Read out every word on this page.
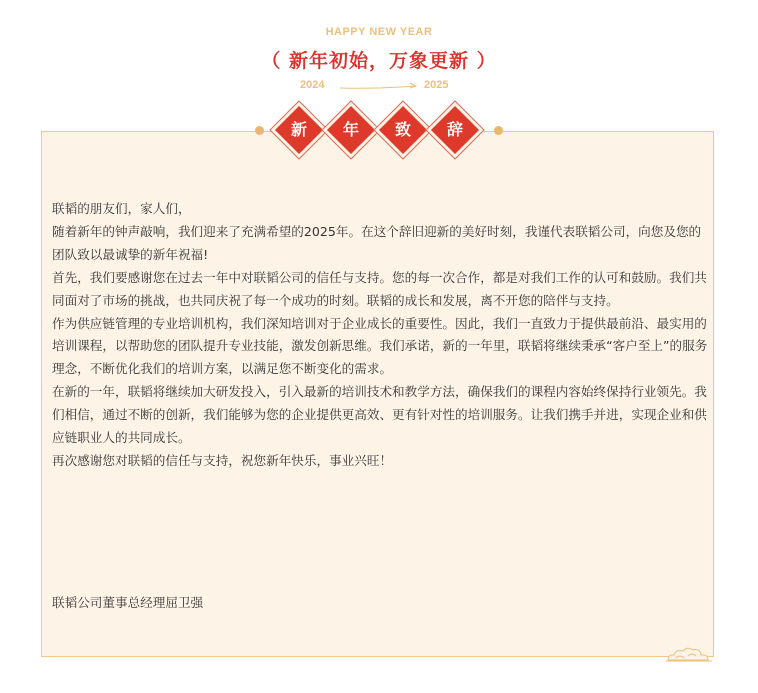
HAPPY NEW YEAR
（ 新年初始，万象更新 ）
2024	2025
新	年	致	辞

联韬的朋友们，家人们，

随着新年的钟声敲响，我们迎来了充满希望的2025年。在这个辞旧迎新的美好时刻，我谨代表联韬公司，向您及您的团队致以最诚挚的新年祝福!

首先，我们要感谢您在过去一年中对联韬公司的信任与支持。您的每一次合作，都是对我们工作的认可和鼓励。我们共同面对了市场的挑战，也共同庆祝了每一个成功的时刻。联韬的成长和发展，离不开您的陪伴与支持。

作为供应链管理的专业培训机构，我们深知培训对于企业成长的重要性。因此，我们一直致力于提供最前沿、最实用的培训课程，以帮助您的团队提升专业技能，激发创新思维。我们承诺，新的一年里，联韬将继续秉承“客户至上”的服务理念，不断优化我们的培训方案，以满足您不断变化的需求。

在新的一年，联韬将继续加大研发投入，引入最新的培训技术和教学方法，确保我们的课程内容始终保持行业领先。我们相信，通过不断的创新，我们能够为您的企业提供更高效、更有针对性的培训服务。让我们携手并进，实现企业和供应链职业人的共同成长。

再次感谢您对联韬的信任与支持，祝您新年快乐，事业兴旺！

联韬公司董事总经理屈卫强
